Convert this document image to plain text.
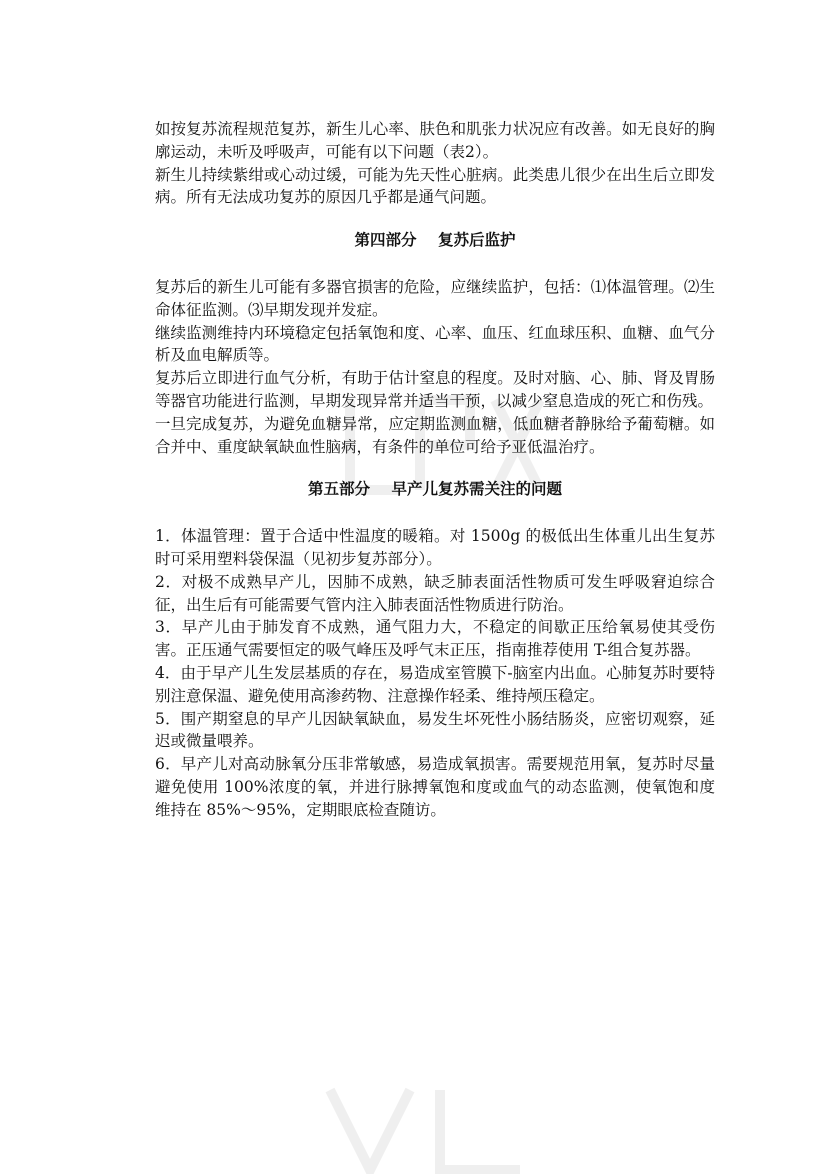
如按复苏流程规范复苏，新生儿心率、肤色和肌张力状况应有改善。如无良好的胸廓运动，未听及呼吸声，可能有以下问题（表2）。

新生儿持续紫绀或心动过缓，可能为先天性心脏病。此类患儿很少在出生后立即发病。所有无法成功复苏的原因几乎都是通气问题。

第四部分    复苏后监护

复苏后的新生儿可能有多器官损害的危险，应继续监护，包括：⑴体温管理。⑵生命体征监测。⑶早期发现并发症。

继续监测维持内环境稳定包括氧饱和度、心率、血压、红血球压积、血糖、血气分析及血电解质等。

复苏后立即进行血气分析，有助于估计窒息的程度。及时对脑、心、肺、肾及胃肠等器官功能进行监测，早期发现异常并适当干预，以减少窒息造成的死亡和伤残。

一旦完成复苏，为避免血糖异常，应定期监测血糖，低血糖者静脉给予葡萄糖。如合并中、重度缺氧缺血性脑病，有条件的单位可给予亚低温治疗。

第五部分    早产儿复苏需关注的问题

1．体温管理：置于合适中性温度的暖箱。对 1500g 的极低出生体重儿出生复苏时可采用塑料袋保温（见初步复苏部分）。

2．对极不成熟早产儿，因肺不成熟，缺乏肺表面活性物质可发生呼吸窘迫综合征，出生后有可能需要气管内注入肺表面活性物质进行防治。

3．早产儿由于肺发育不成熟，通气阻力大，不稳定的间歇正压给氧易使其受伤害。正压通气需要恒定的吸气峰压及呼气末正压，指南推荐使用 T-组合复苏器。

4．由于早产儿生发层基质的存在，易造成室管膜下-脑室内出血。心肺复苏时要特别注意保温、避免使用高渗药物、注意操作轻柔、维持颅压稳定。

5．围产期窒息的早产儿因缺氧缺血，易发生坏死性小肠结肠炎，应密切观察，延迟或微量喂养。

6．早产儿对高动脉氧分压非常敏感，易造成氧损害。需要规范用氧，复苏时尽量避免使用 100%浓度的氧，并进行脉搏氧饱和度或血气的动态监测，使氧饱和度维持在 85%～95%，定期眼底检查随访。
